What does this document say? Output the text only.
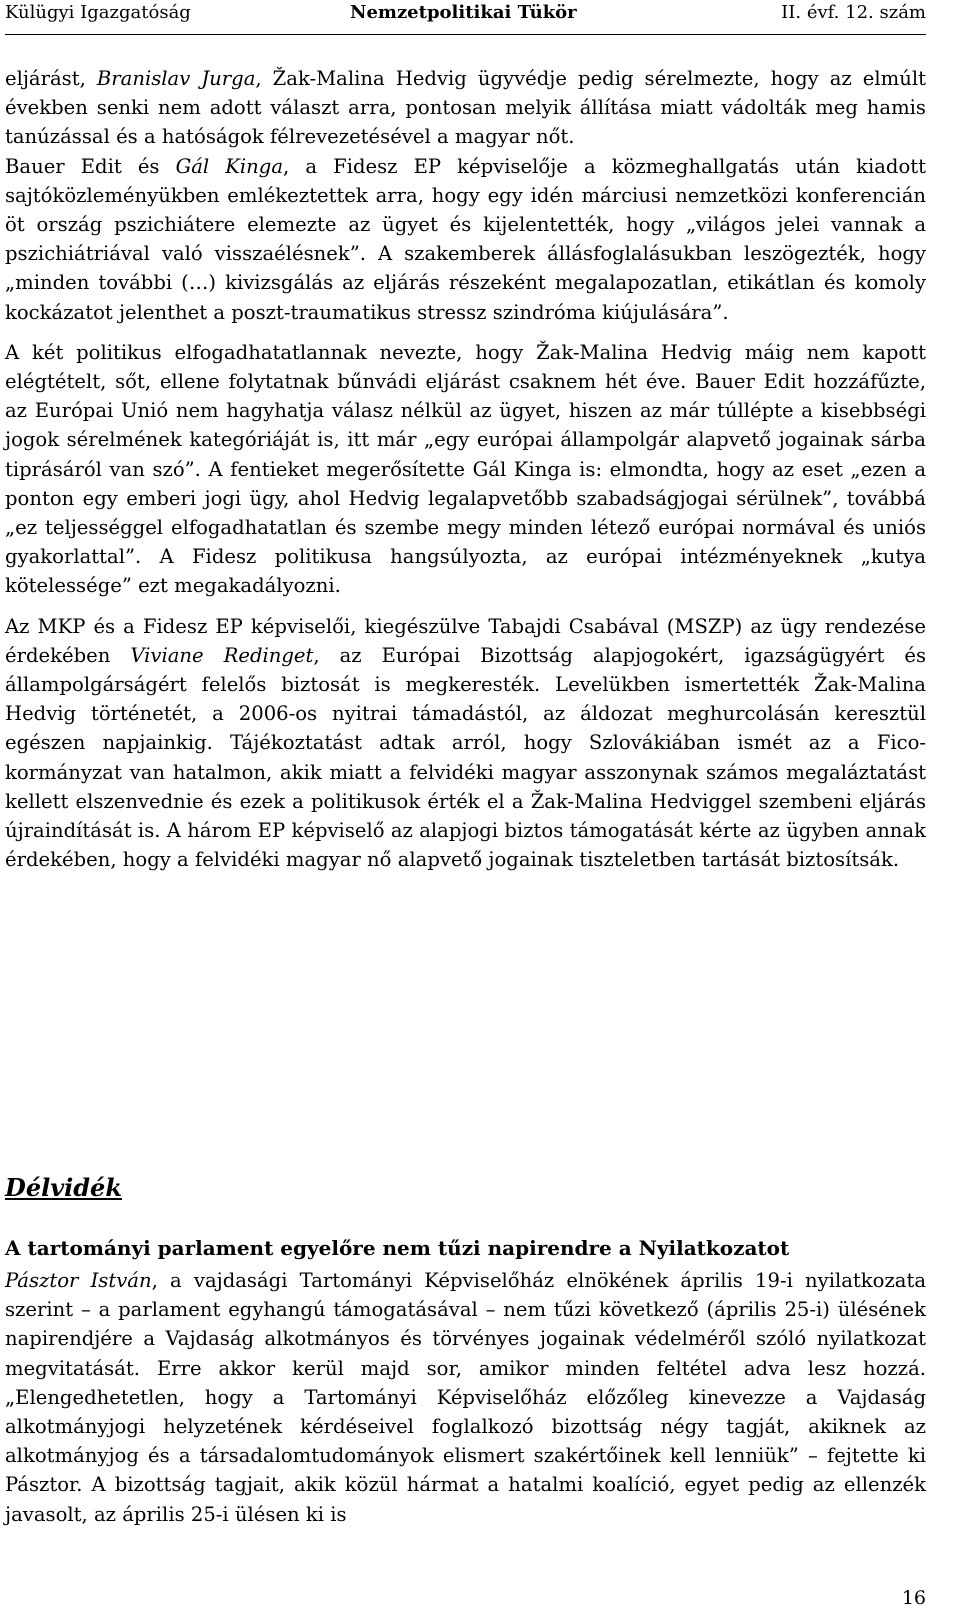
Külügyi Igazgatóság	Nemzetpolitikai Tükör	II. évf. 12. szám

eljárást, Branislav Jurga, Žak-Malina Hedvig ügyvédje pedig sérelmezte, hogy az elmúlt években senki nem adott választ arra, pontosan melyik állítása miatt vádolták meg hamis tanúzással és a hatóságok félrevezetésével a magyar nőt.

Bauer Edit és Gál Kinga, a Fidesz EP képviselője a közmeghallgatás után kiadott sajtóközleményükben emlékeztettek arra, hogy egy idén márciusi nemzetközi konferencián öt ország pszichiátere elemezte az ügyet és kijelentették, hogy „világos jelei vannak a pszichiátriával való visszaélésnek”. A szakemberek állásfoglalásukban leszögezték, hogy „minden további (…) kivizsgálás az eljárás részeként megalapozatlan, etikátlan és komoly kockázatot jelenthet a poszt-traumatikus stressz szindróma kiújulására”.

A két politikus elfogadhatatlannak nevezte, hogy Žak-Malina Hedvig máig nem kapott elégtételt, sőt, ellene folytatnak bűnvádi eljárást csaknem hét éve. Bauer Edit hozzáfűzte, az Európai Unió nem hagyhatja válasz nélkül az ügyet, hiszen az már túllépte a kisebbségi jogok sérelmének kategóriáját is, itt már „egy európai állampolgár alapvető jogainak sárba tiprásáról van szó”. A fentieket megerősítette Gál Kinga is: elmondta, hogy az eset „ezen a ponton egy emberi jogi ügy, ahol Hedvig legalapvetőbb szabadságjogai sérülnek”, továbbá „ez teljességgel elfogadhatatlan és szembe megy minden létező európai normával és uniós gyakorlattal”. A Fidesz politikusa hangsúlyozta, az európai intézményeknek „kutya kötelessége” ezt megakadályozni.

Az MKP és a Fidesz EP képviselői, kiegészülve Tabajdi Csabával (MSZP) az ügy rendezése érdekében Viviane Redinget, az Európai Bizottság alapjogokért, igazságügyért és állampolgárságért felelős biztosát is megkeresték. Levelükben ismertették Žak-Malina Hedvig történetét, a 2006-os nyitrai támadástól, az áldozat meghurcolásán keresztül egészen napjainkig. Tájékoztatást adtak arról, hogy Szlovákiában ismét az a Fico-kormányzat van hatalmon, akik miatt a felvidéki magyar asszonynak számos megaláztatást kellett elszenvednie és ezek a politikusok érték el a Žak-Malina Hedviggel szembeni eljárás újraindítását is. A három EP képviselő az alapjogi biztos támogatását kérte az ügyben annak érdekében, hogy a felvidéki magyar nő alapvető jogainak tiszteletben tartását biztosítsák.

Délvidék
A tartományi parlament egyelőre nem tűzi napirendre a Nyilatkozatot

Pásztor István, a vajdasági Tartományi Képviselőház elnökének április 19-i nyilatkozata szerint – a parlament egyhangú támogatásával – nem tűzi következő (április 25-i) ülésének napirendjére a Vajdaság alkotmányos és törvényes jogainak védelméről szóló nyilatkozat megvitatását. Erre akkor kerül majd sor, amikor minden feltétel adva lesz hozzá. „Elengedhetetlen, hogy a Tartományi Képviselőház előzőleg kinevezze a Vajdaság alkotmányjogi helyzetének kérdéseivel foglalkozó bizottság négy tagját, akiknek az alkotmányjog és a társadalomtudományok elismert szakértőinek kell lenniük” – fejtette ki Pásztor. A bizottság tagjait, akik közül hármat a hatalmi koalíció, egyet pedig az ellenzék javasolt, az április 25-i ülésen ki is

16
